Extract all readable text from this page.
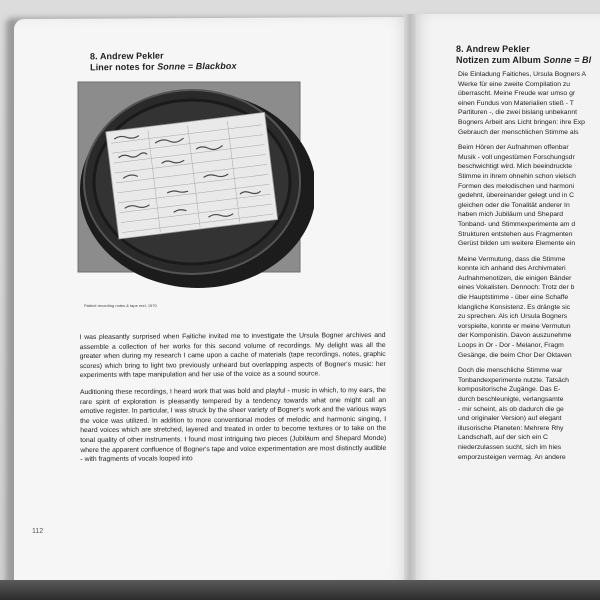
8. Andrew Pekler
Liner notes for Sonne = Blackbox
Patient recording notes & tape reel, 1970

I was pleasantly surprised when Faitiche invited me to investigate the Ursula Bogner archives and assemble a collection of her works for this second volume of recordings. My delight was all the greater when during my research I came upon a cache of materials (tape recordings, notes, graphic scores) which bring to light two previously unheard but overlapping aspects of Bogner's music: her experiments with tape manipulation and her use of the voice as a sound source.

Auditioning these recordings, I heard work that was bold and playful - music in which, to my ears, the rare spirit of exploration is pleasantly tempered by a tendency towards what one might call an emotive register. In particular, I was struck by the sheer variety of Bogner's work and the various ways the voice was utilized. In addition to more conventional modes of melodic and harmonic singing, I heard voices which are stretched, layered and treated in order to become textures or to take on the tonal quality of other instruments. I found most intriguing two pieces (Jubiläum and Shepard Monde) where the apparent confluence of Bogner's tape and voice experimentation are most distinctly audible - with fragments of vocals looped into

112
8. Andrew Pekler
Notizen zum Album Sonne = Bl

Die Einladung Faitiches, Ursula Bogners A
Werke für eine zweite Compilation zu
überrascht. Meine Freude war umso gr
einen Fundus von Materialien stieß - T
Partituren -, die zwei bislang unbekannt
Bogners Arbeit ans Licht bringen: ihre Exp
Gebrauch der menschlichen Stimme als

Beim Hören der Aufnahmen offenbar
Musik - voll ungestümen Forschungsdr
beschwichtigt wird. Mich beeindruckte
Stimme in ihrem ohnehin schon vielsch
Formen des melodischen und harmoni
gedehnt, übereinander gelegt und in C
gleichen oder die Tonalität anderer In
haben mich Jubiläum und Shepard
Tonband- und Stimmexperimente am d
Strukturen entstehen aus Fragmenten
Gerüst bilden um weitere Elemente ein

Meine Vermutung, dass die Stimme
konnte ich anhand des Archivmateri
Aufnahmenotizen, die einigen Bänder
eines Vokalisten. Dennoch: Trotz der b
die Hauptstimme - über eine Schaffe
klangliche Konsistenz. Es drängte sic
zu sprechen. Als ich Ursula Bogners
vorspielte, konnte er meine Vermutun
der Komponistin. Davon auszunehme
Loops in Or - Dor - Melanor, Fragm
Gesänge, die beim Chor Der Oktaven

Doch die menschliche Stimme war
Tonbandexperimente nutzte. Tatsäch
kompositorische Zugänge. Das E-
durch beschleunigte, verlangsamte
- mir scheint, als ob dadurch die ge
und originaler Version) auf elegant
illusorische Planeten: Mehrere Rhy
Landschaft, auf der sich ein C
niederzulassen sucht, sich im hies
emporzusteigen vermag. An andere
